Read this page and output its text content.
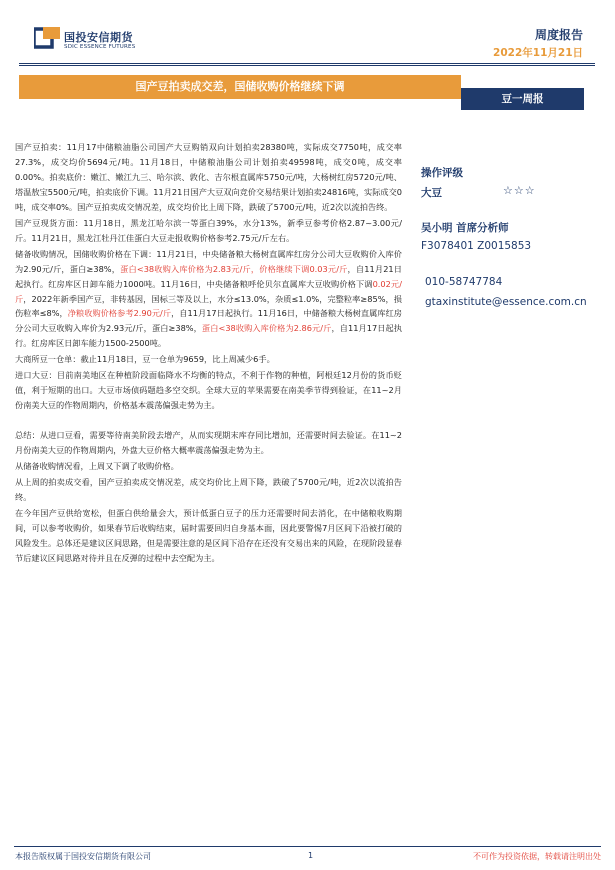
国投安信期货
SDIC ESSENCE FUTURES
周度报告
2022年11月21日
国产豆拍卖成交差，国储收购价格继续下调
豆一周报

国产豆拍卖：11月17中储粮油脂公司国产大豆购销双向计划拍卖28380吨，实际成交7750吨，成交率27.3%，成交均价5694元/吨。11月18日，中储粮油脂公司计划拍卖49598吨，成交0吨，成交率0.00%。拍卖底价：嫩江、嫩江九三、哈尔滨、敦化、吉尔根直属库5750元/吨，大杨树红房5720元/吨、塔温敖宝5500元/吨，拍卖底价下调。11月21日国产大豆双向竞价交易结果计划拍卖24816吨，实际成交0吨，成交率0%。国产豆拍卖成交情况差，成交均价比上周下降，跌破了5700元/吨，近2次以流拍告终。

国产豆现货方面：11月18日，黑龙江哈尔滨一等蛋白39%，水分13%，新季豆参考价格2.87~3.00元/斤。11月21日，黑龙江牡丹江佳蛋白大豆走报收购价格参考2.75元/斤左右。

储备收购情况，国储收购价格在下调：11月21日，中央储备粮大杨树直属库红房分公司大豆收购价入库价为2.90元/斤，蛋白≥38%，蛋白<38收购入库价格为2.83元/斤，价格继续下调0.03元/斤，自11月21日起执行。红房库区日卸车能力1000吨。11月16日，中央储备粮呼伦贝尔直属库大豆收购价格下调0.02元/斤，2022年新季国产豆，非转基因，国标三等及以上，水分≤13.0%，杂质≤1.0%，完整粒率≥85%，损伤粒率≤8%，净粮收购价格参考2.90元/斤，自11月17日起执行。11月16日，中储备粮大杨树直属库红房分公司大豆收购入库价为2.93元/斤，蛋白≥38%，蛋白<38收购入库价格为2.86元/斤，自11月17日起执行。红房库区日卸车能力1500-2500吨。

大商所豆一仓单：截止11月18日，豆一仓单为9659，比上周减少6手。

进口大豆：目前南美地区在种植阶段面临降水不均衡的特点，不利于作物的种植，阿根廷12月份的货币贬值，利于短期的出口。大豆市场侦码题趋多空交织。全球大豆的苹果需要在南美季节得到验证，在11~2月份南美大豆的作物周期内，价格基本震荡偏强走势为主。

总结：从进口豆看，需要等待南美阶段去增产，从而实现期末库存同比增加，还需要时间去验证。在11~2月份南美大豆的作物周期内，外盘大豆价格大概率震荡偏强走势为主。

从储备收购情况看，上周又下调了收购价格。

从上周的拍卖成交看，国产豆拍卖成交情况差，成交均价比上周下降，跌破了5700元/吨，近2次以流拍告终。

在今年国产豆供给宽松，但蛋白供给量会大，预计低蛋白豆子的压力还需要时间去消化，在中储粮收购期间，可以参考收购价，如果春节后收购结束，届时需要回归自身基本面，因此要警惕7月区间下沿被打破的风险发生。总体还是建议区间思路，但是需要注意的是区间下沿存在还没有交易出来的风险，在现阶段显春节后建议区间思路对待并且在反弹的过程中去空配为主。

操作评级
大豆	☆☆☆
吴小明 首席分析师
F3078401 Z0015853
010-58747784
gtaxinstitute@essence.com.cn
本报告版权属于国投安信期货有限公司	1	不可作为投资依据，转载请注明出处
